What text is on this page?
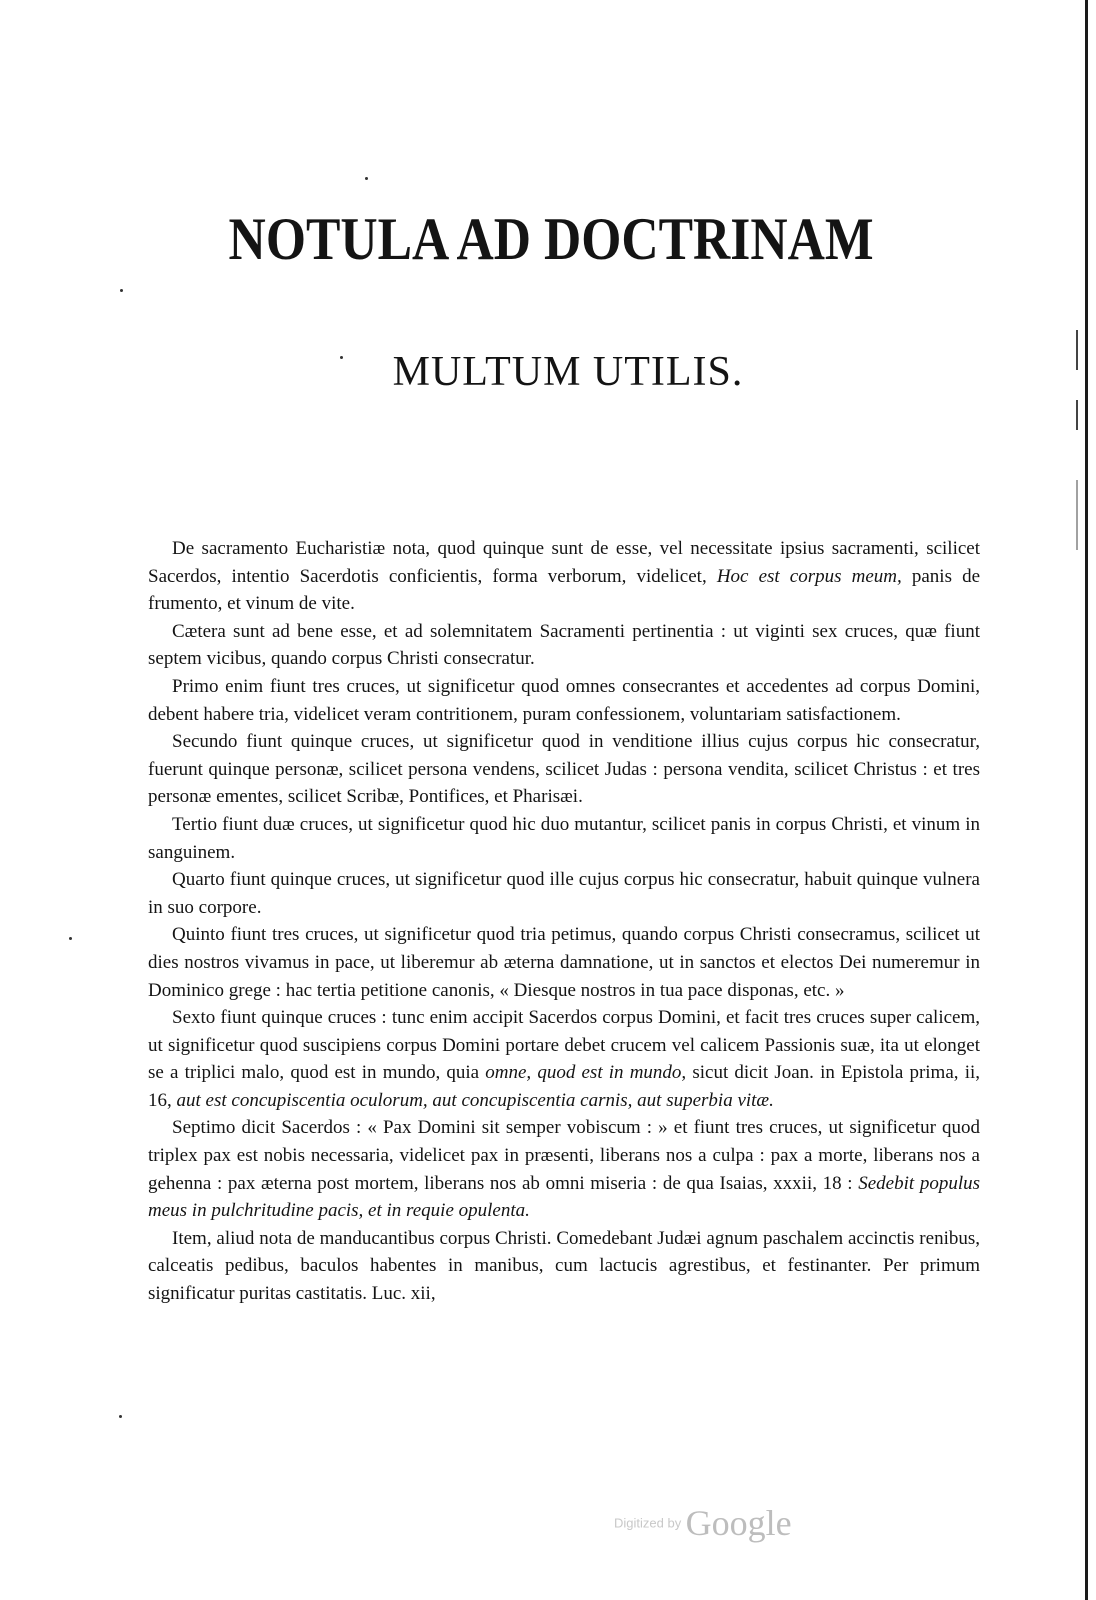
NOTULA AD DOCTRINAM
MULTUM UTILIS.

De sacramento Eucharistiæ nota, quod quinque sunt de esse, vel necessitate ipsius sacramenti, scilicet Sacerdos, intentio Sacerdotis conficientis, forma verborum, videlicet, Hoc est corpus meum, panis de frumento, et vinum de vite.

Cætera sunt ad bene esse, et ad solemnitatem Sacramenti pertinentia : ut viginti sex cruces, quæ fiunt septem vicibus, quando corpus Christi consecratur.

Primo enim fiunt tres cruces, ut significetur quod omnes consecrantes et accedentes ad corpus Domini, debent habere tria, videlicet veram contritionem, puram confessionem, voluntariam satisfactionem.

Secundo fiunt quinque cruces, ut significetur quod in venditione illius cujus corpus hic consecratur, fuerunt quinque personæ, scilicet persona vendens, scilicet Judas : persona vendita, scilicet Christus : et tres personæ ementes, scilicet Scribæ, Pontifices, et Pharisæi.

Tertio fiunt duæ cruces, ut significetur quod hic duo mutantur, scilicet panis in corpus Christi, et vinum in sanguinem.

Quarto fiunt quinque cruces, ut significetur quod ille cujus corpus hic consecratur, habuit quinque vulnera in suo corpore.

Quinto fiunt tres cruces, ut significetur quod tria petimus, quando corpus Christi consecramus, scilicet ut dies nostros vivamus in pace, ut liberemur ab æterna damnatione, ut in sanctos et electos Dei numeremur in Dominico grege : hac tertia petitione canonis, « Diesque nostros in tua pace disponas, etc. »

Sexto fiunt quinque cruces : tunc enim accipit Sacerdos corpus Domini, et facit tres cruces super calicem, ut significetur quod suscipiens corpus Domini portare debet crucem vel calicem Passionis suæ, ita ut elonget se a triplici malo, quod est in mundo, quia omne, quod est in mundo, sicut dicit Joan. in Epistola prima, ii, 16, aut est concupiscentia oculorum, aut concupiscentia carnis, aut superbia vitæ.

Septimo dicit Sacerdos : « Pax Domini sit semper vobiscum : » et fiunt tres cruces, ut significetur quod triplex pax est nobis necessaria, videlicet pax in præsenti, liberans nos a culpa : pax a morte, liberans nos a gehenna : pax æterna post mortem, liberans nos ab omni miseria : de qua Isaias, xxxii, 18 : Sedebit populus meus in pulchritudine pacis, et in requie opulenta.

Item, aliud nota de manducantibus corpus Christi. Comedebant Judæi agnum paschalem accinctis renibus, calceatis pedibus, baculos habentes in manibus, cum lactucis agrestibus, et festinanter. Per primum significatur puritas castitatis. Luc. xii,

Digitized by Google
